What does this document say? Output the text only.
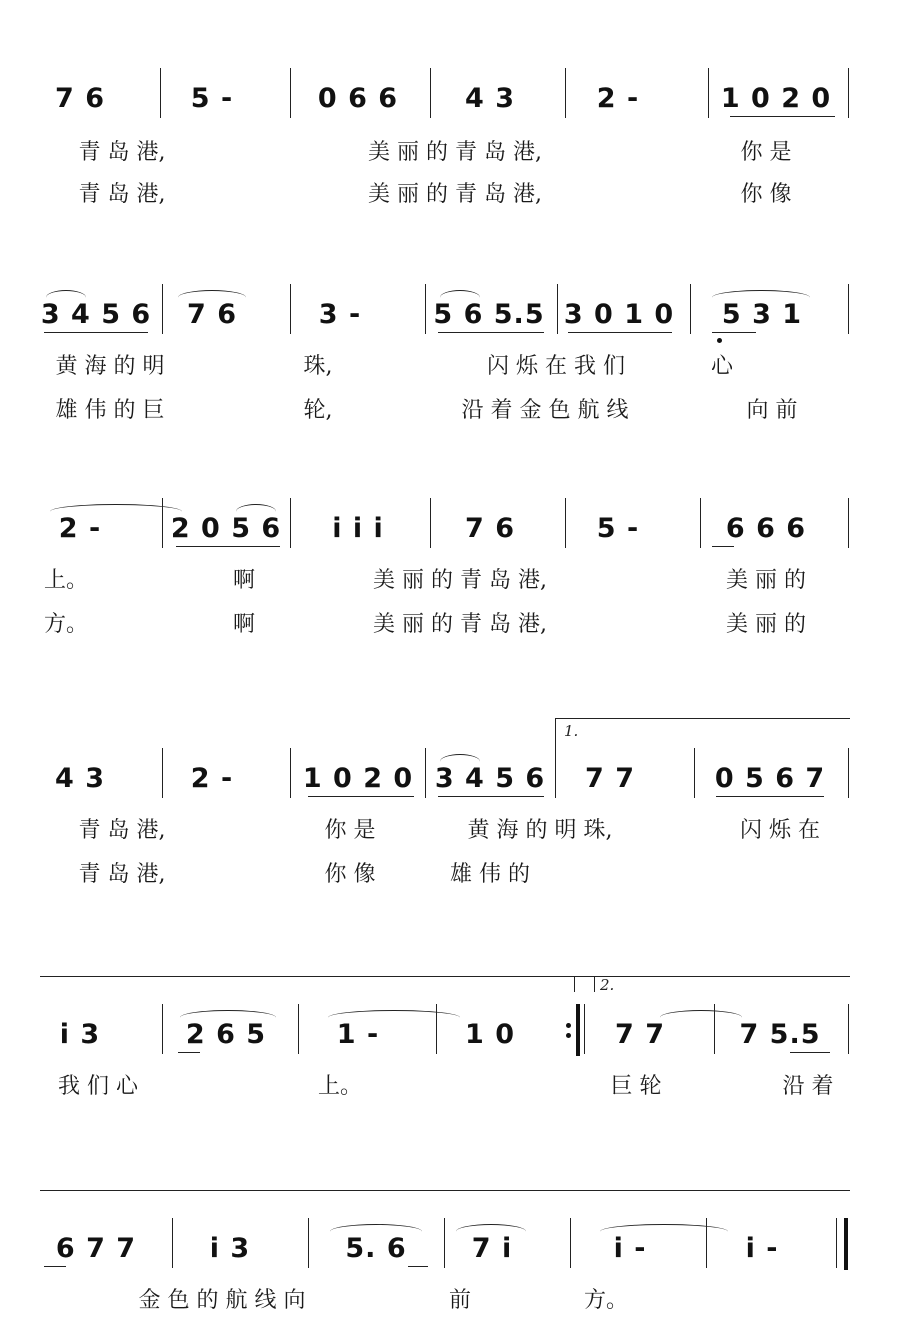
7 6	5 -	0 6 6 4 3	2 -	1 0 2 0
青 岛 港,	美 丽 的 青 岛 港,	你 是
青 岛 港,	美 丽 的 青 岛 港,	你 像
3 4 5 6 7 6	3 -	5 6 5.5 3 0 1 0 5 3 1
黄 海 的 明	珠,	闪 烁 在 我 们	心
雄 伟 的 巨	轮,	沿 着 金 色 航 线	向 前
2 -	2 0 5 6 i i i	7 6	5 -	6 6 6
上。	啊	美 丽 的 青 岛 港,	美 丽 的
方。	啊	美 丽 的 青 岛 港,	美 丽 的
1.
4 3	2 -	1 0 2 0 3 4 5 6 7 7	0 5 6 7
青 岛 港,	你 是	黄 海 的 明 珠,	闪 烁 在
青 岛 港,	你 像	雄 伟 的
2.
i 3	2 6 5	1 -	1 0	7 7	7 5.5
我 们 心	上。	巨 轮	沿 着
6 7 7	i 3	5. 6 7 i	i -	i -
金 色 的 航 线 向	前	方。
